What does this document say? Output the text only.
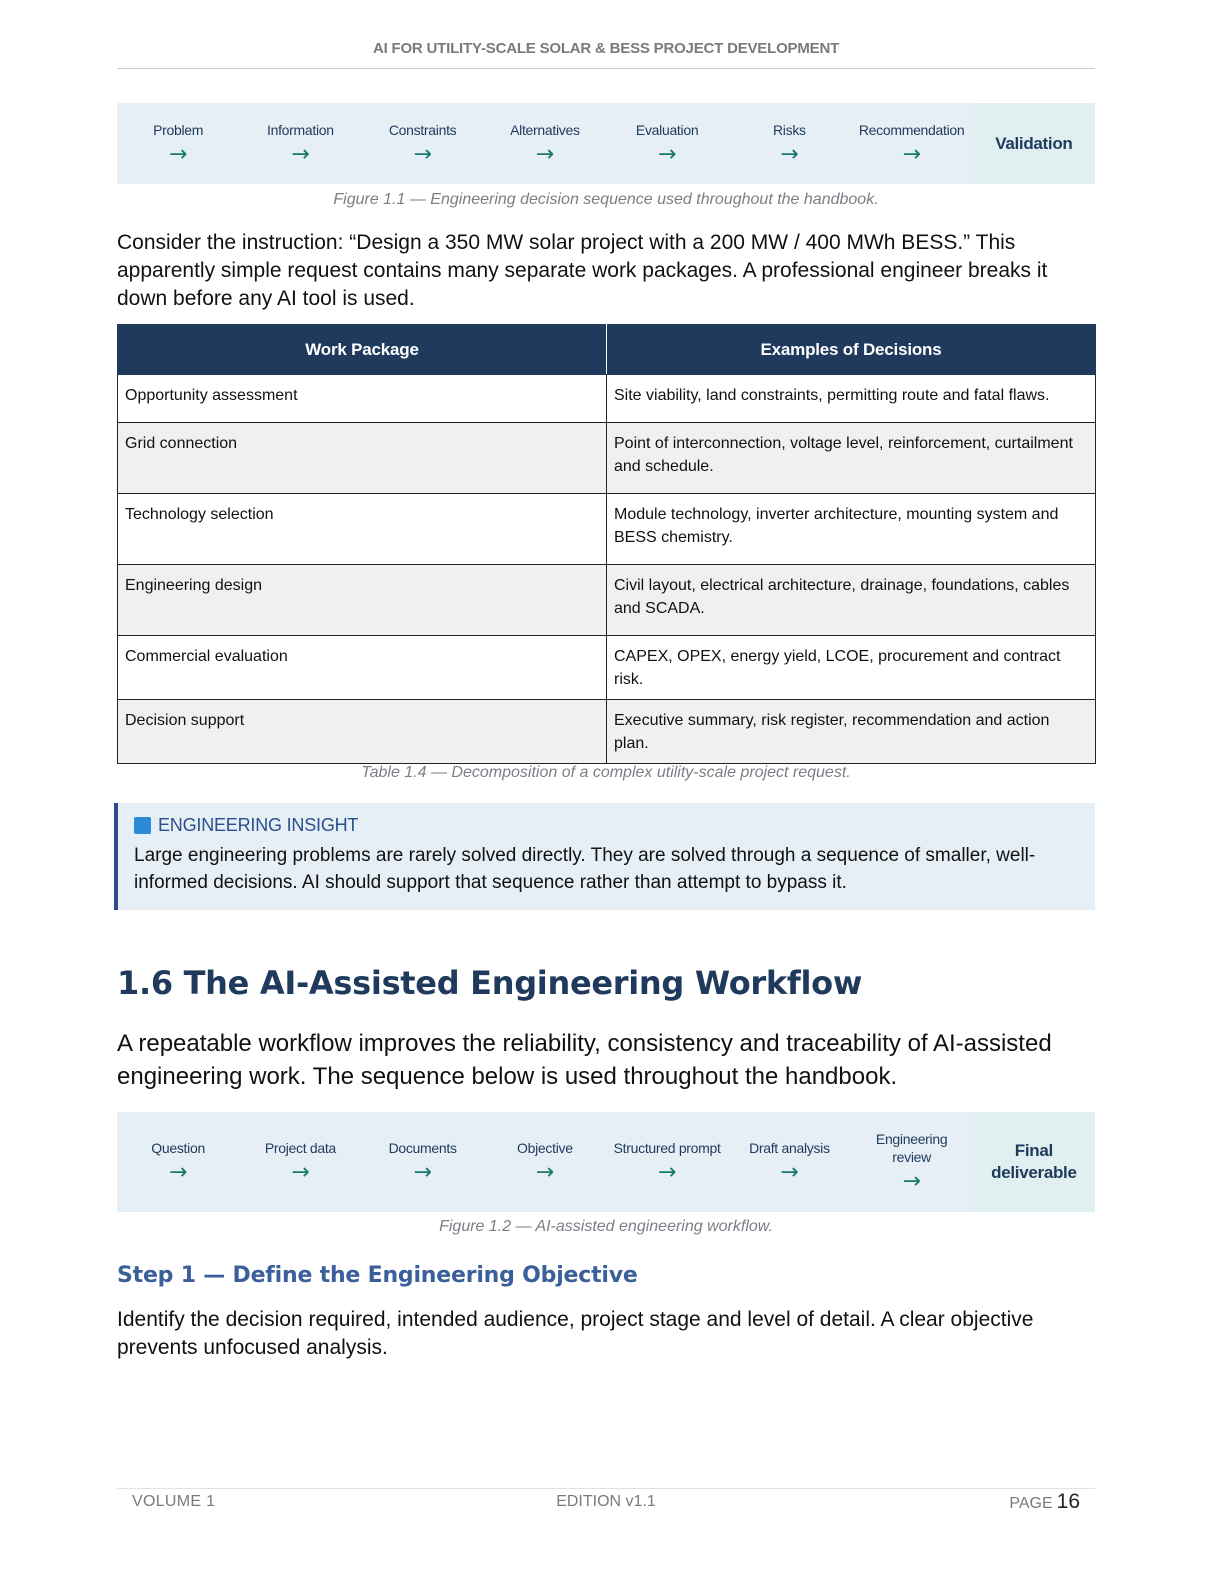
AI FOR UTILITY-SCALE SOLAR & BESS PROJECT DEVELOPMENT
Problem
→
Information
→
Constraints
→
Alternatives
→
Evaluation
→
Risks
→
Recommendation
→	Validation
Figure 1.1 — Engineering decision sequence used throughout the handbook.
Consider the instruction: “Design a 350 MW solar project with a 200 MW / 400 MWh BESS.” This apparently simple request contains many separate work packages. A professional engineer breaks it down before any AI tool is used.
Work Package	Examples of Decisions
Opportunity assessment	Site viability, land constraints, permitting route and fatal flaws.
Grid connection	Point of interconnection, voltage level, reinforcement, curtailment and schedule.
Technology selection	Module technology, inverter architecture, mounting system and BESS chemistry.
Engineering design	Civil layout, electrical architecture, drainage, foundations, cables and SCADA.
Commercial evaluation	CAPEX, OPEX, energy yield, LCOE, procurement and contract risk.
Decision support	Executive summary, risk register, recommendation and action plan.
Table 1.4 — Decomposition of a complex utility-scale project request.
ENGINEERING INSIGHT
Large engineering problems are rarely solved directly. They are solved through a sequence of smaller, well-informed decisions. AI should support that sequence rather than attempt to bypass it.
1.6 The AI-Assisted Engineering Workflow
A repeatable workflow improves the reliability, consistency and traceability of AI-assisted engineering work. The sequence below is used throughout the handbook.
Question
→
Project data
→
Documents
→
Objective
→
Structured prompt
→
Draft analysis
→
Engineering review
→
Final deliverable
Figure 1.2 — AI-assisted engineering workflow.
Step 1 — Define the Engineering Objective
Identify the decision required, intended audience, project stage and level of detail. A clear objective prevents unfocused analysis.
VOLUME 1	EDITION v1.1	PAGE 16
